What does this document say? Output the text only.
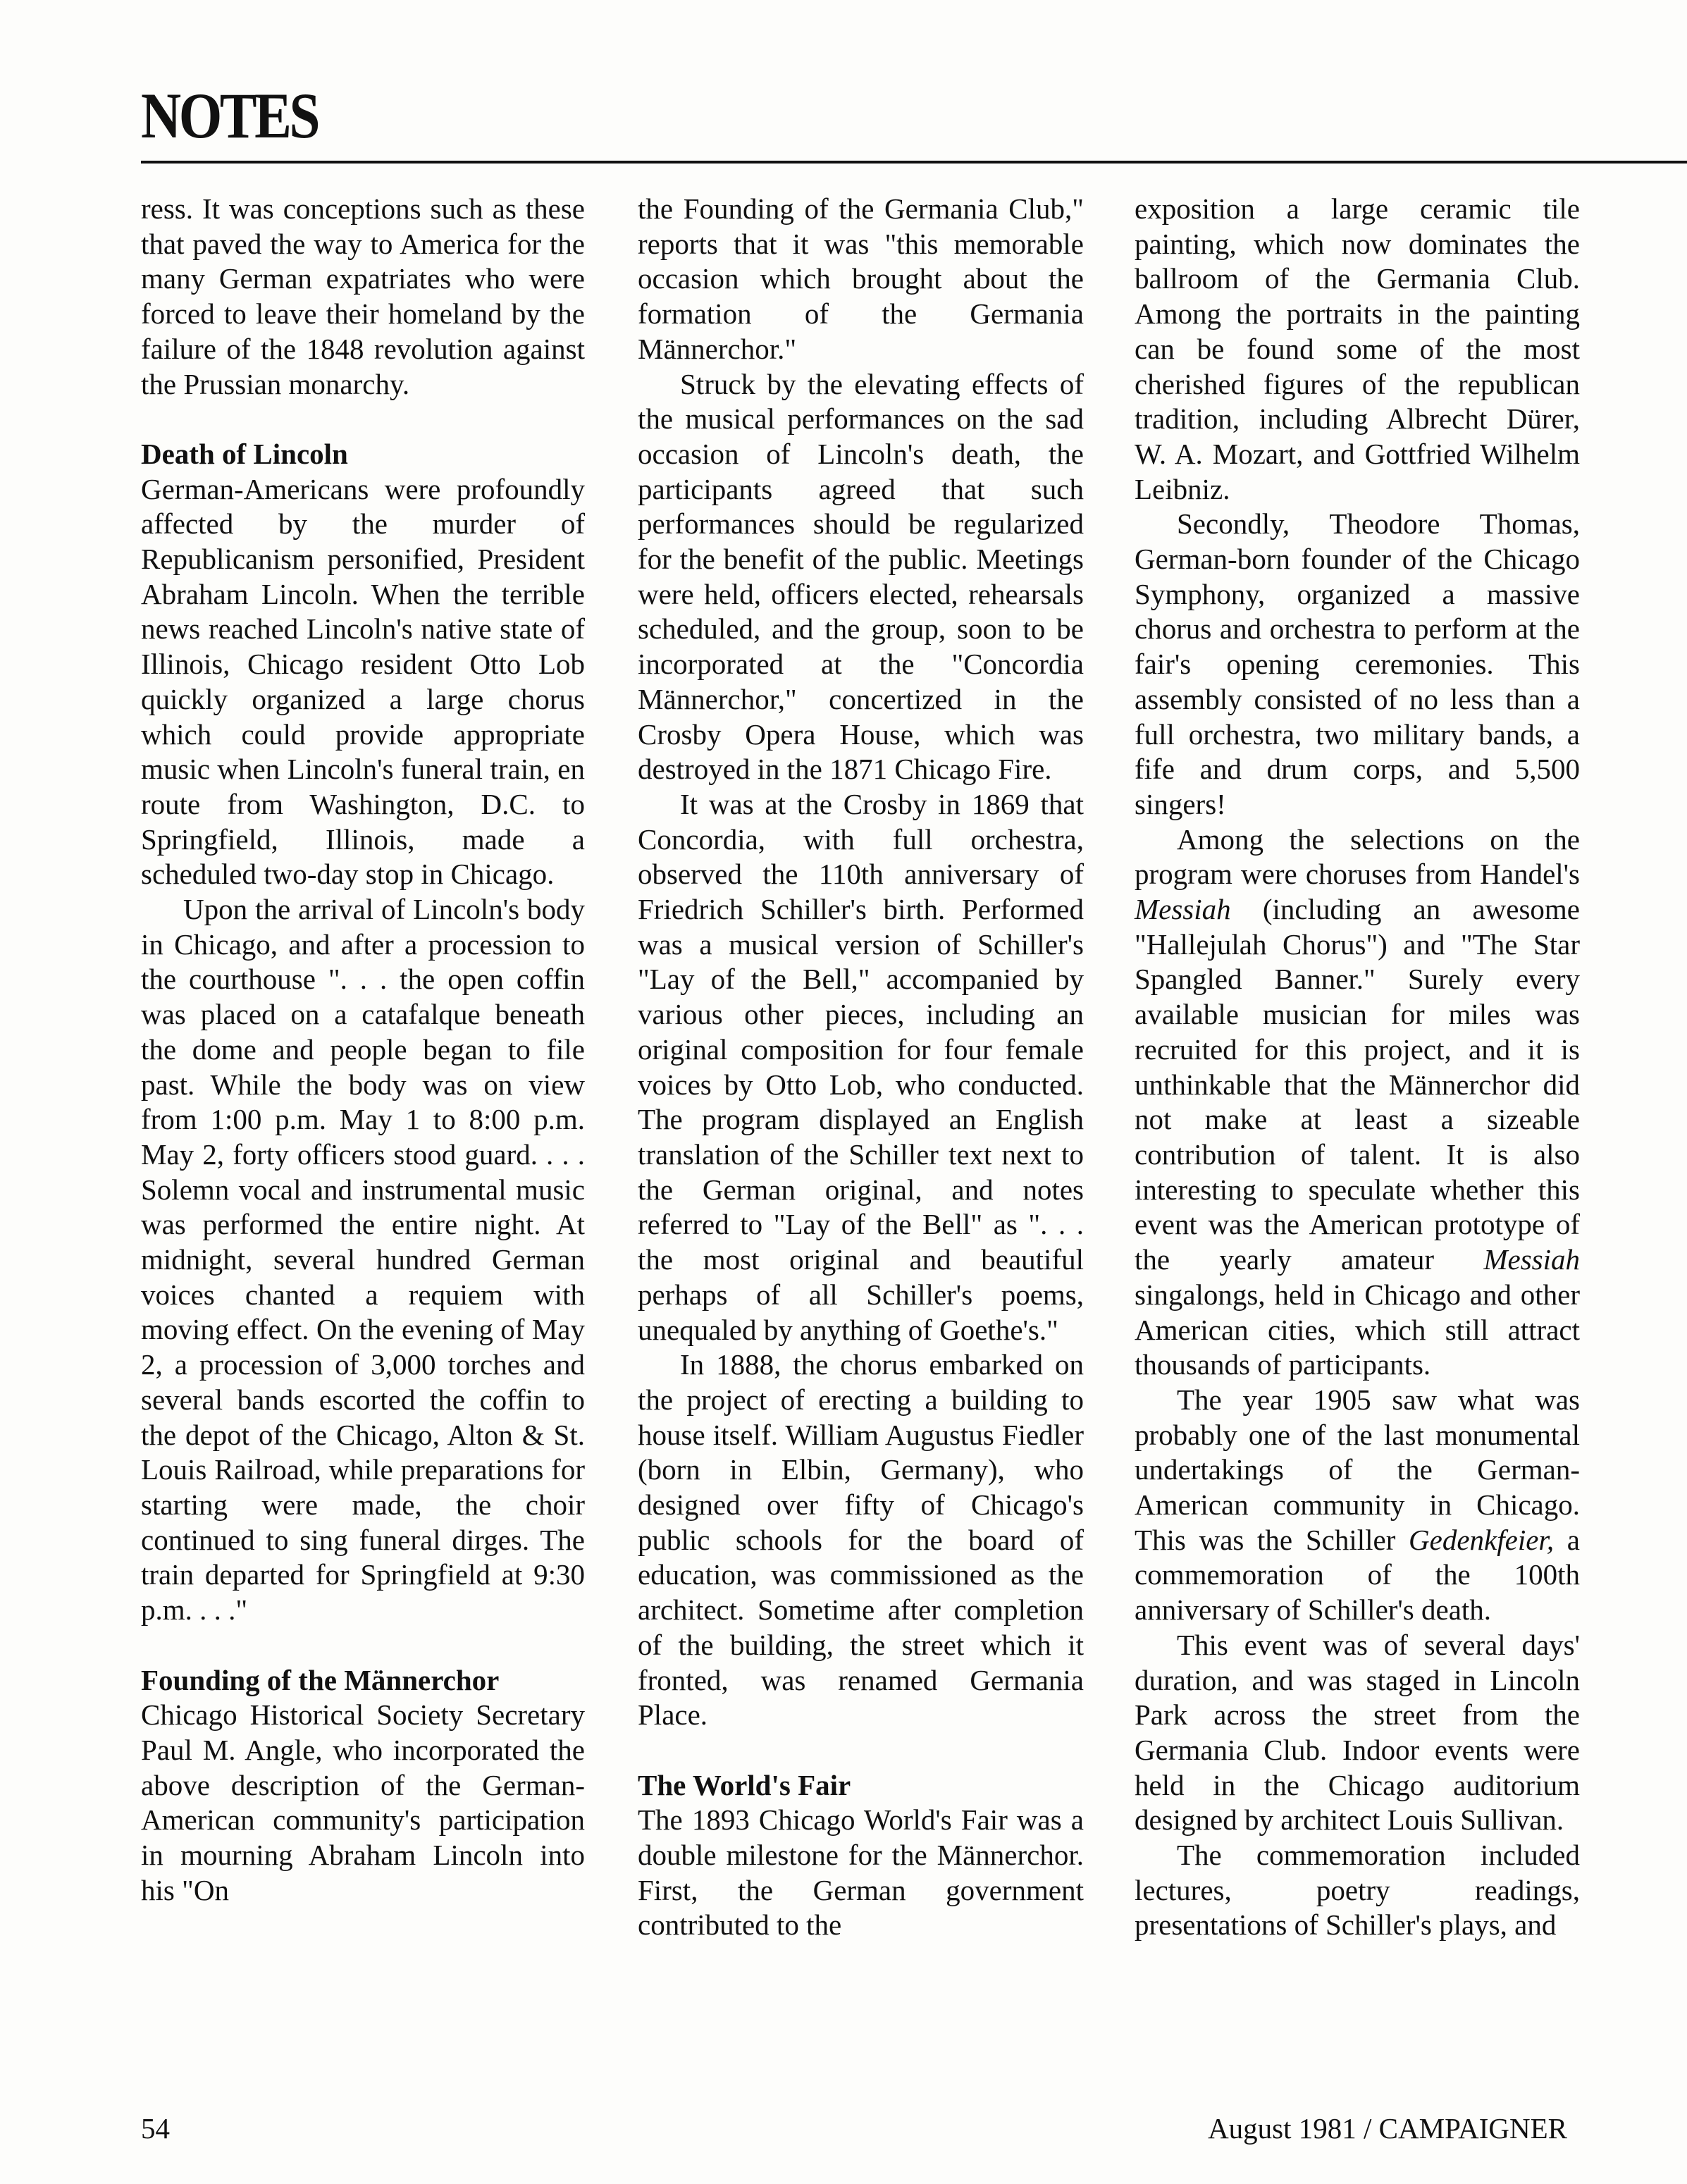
NOTES

ress. It was conceptions such as these that paved the way to America for the many German expatriates who were forced to leave their homeland by the failure of the 1848 revolution against the Prussian monarchy.

Death of Lincoln

German-Americans were profoundly affected by the murder of Republicanism personified, President Abraham Lincoln. When the terrible news reached Lincoln's native state of Illinois, Chicago resident Otto Lob quickly organized a large chorus which could provide appropriate music when Lincoln's funeral train, en route from Washington, D.C. to Springfield, Illinois, made a scheduled two-day stop in Chicago.

Upon the arrival of Lincoln's body in Chicago, and after a procession to the courthouse ". . . the open coffin was placed on a catafalque beneath the dome and people began to file past. While the body was on view from 1:00 p.m. May 1 to 8:00 p.m. May 2, forty officers stood guard. . . . Solemn vocal and instrumental music was performed the entire night. At midnight, several hundred German voices chanted a requiem with moving effect. On the evening of May 2, a procession of 3,000 torches and several bands escorted the coffin to the depot of the Chicago, Alton & St. Louis Railroad, while preparations for starting were made, the choir continued to sing funeral dirges. The train departed for Springfield at 9:30 p.m. . . ."

Founding of the Männerchor

Chicago Historical Society Secretary Paul M. Angle, who incorporated the above description of the German-American community's participation in mourning Abraham Lincoln into his "On

the Founding of the Germania Club," reports that it was "this memorable occasion which brought about the formation of the Germania Männerchor."

Struck by the elevating effects of the musical performances on the sad occasion of Lincoln's death, the participants agreed that such performances should be regularized for the benefit of the public. Meetings were held, officers elected, rehearsals scheduled, and the group, soon to be incorporated at the "Concordia Männerchor," concertized in the Crosby Opera House, which was destroyed in the 1871 Chicago Fire.

It was at the Crosby in 1869 that Concordia, with full orchestra, observed the 110th anniversary of Friedrich Schiller's birth. Performed was a musical version of Schiller's "Lay of the Bell," accompanied by various other pieces, including an original composition for four female voices by Otto Lob, who conducted. The program displayed an English translation of the Schiller text next to the German original, and notes referred to "Lay of the Bell" as ". . . the most original and beautiful perhaps of all Schiller's poems, unequaled by anything of Goethe's."

In 1888, the chorus embarked on the project of erecting a building to house itself. William Augustus Fiedler (born in Elbin, Germany), who designed over fifty of Chicago's public schools for the board of education, was commissioned as the architect. Sometime after completion of the building, the street which it fronted, was renamed Germania Place.

The World's Fair

The 1893 Chicago World's Fair was a double milestone for the Männerchor. First, the German government contributed to the

exposition a large ceramic tile painting, which now dominates the ballroom of the Germania Club. Among the portraits in the painting can be found some of the most cherished figures of the republican tradition, including Albrecht Dürer, W. A. Mozart, and Gottfried Wilhelm Leibniz.

Secondly, Theodore Thomas, German-born founder of the Chicago Symphony, organized a massive chorus and orchestra to perform at the fair's opening ceremonies. This assembly consisted of no less than a full orchestra, two military bands, a fife and drum corps, and 5,500 singers!

Among the selections on the program were choruses from Handel's Messiah (including an awesome "Hallejulah Chorus") and "The Star Spangled Banner." Surely every available musician for miles was recruited for this project, and it is unthinkable that the Männerchor did not make at least a sizeable contribution of talent. It is also interesting to speculate whether this event was the American prototype of the yearly amateur Messiah singalongs, held in Chicago and other American cities, which still attract thousands of participants.

The year 1905 saw what was probably one of the last monumental undertakings of the German-American community in Chicago. This was the Schiller Gedenkfeier, a commemoration of the 100th anniversary of Schiller's death.

This event was of several days' duration, and was staged in Lincoln Park across the street from the Germania Club. Indoor events were held in the Chicago auditorium designed by architect Louis Sullivan.

The commemoration included lectures, poetry readings, presentations of Schiller's plays, and

54	August 1981 / CAMPAIGNER
